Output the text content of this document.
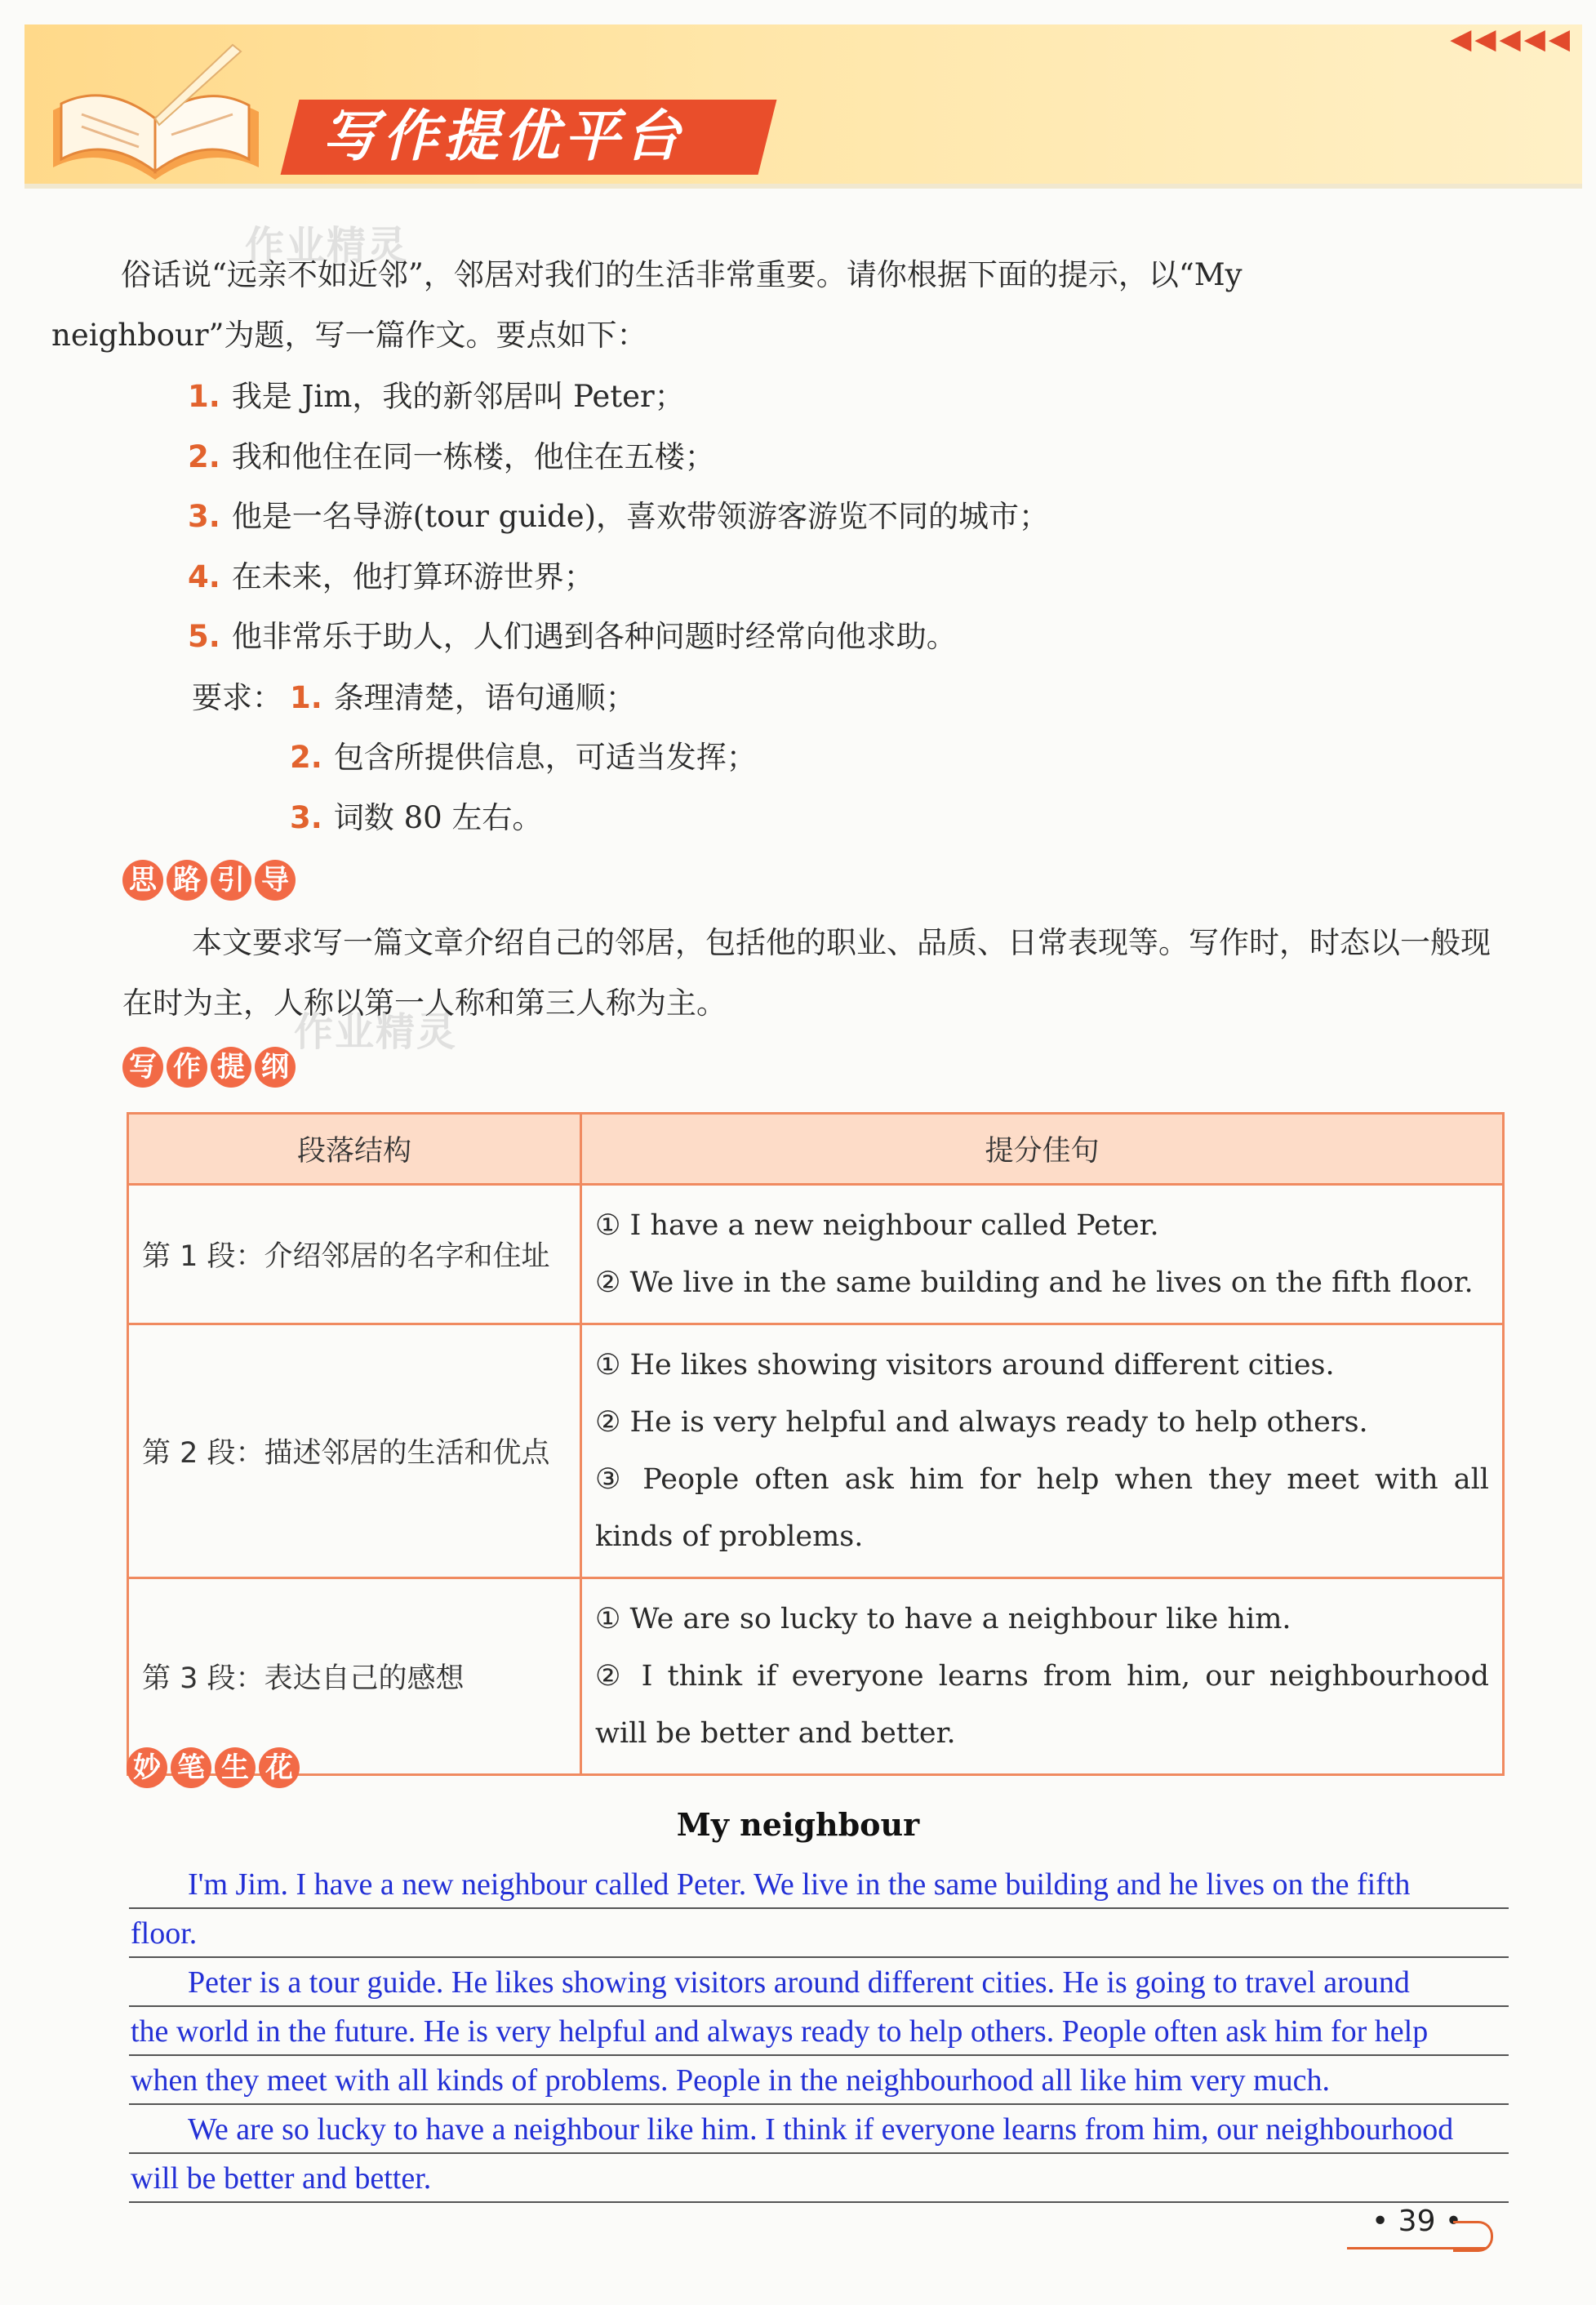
写作提优平台
◀◀◀◀◀
作业精灵
作业精灵
俗话说“远亲不如近邻”，邻居对我们的生活非常重要。请你根据下面的提示，以“My neighbour”为题，写一篇作文。要点如下：
1. 我是 Jim，我的新邻居叫 Peter；
2. 我和他住在同一栋楼，他住在五楼；
3. 他是一名导游(tour guide)，喜欢带领游客游览不同的城市；
4. 在未来，他打算环游世界；
5. 他非常乐于助人，人们遇到各种问题时经常向他求助。
要求： 1. 条理清楚，语句通顺；
2. 包含所提供信息，可适当发挥；
3. 词数 80 左右。
思 路 引 导
本文要求写一篇文章介绍自己的邻居，包括他的职业、品质、日常表现等。写作时，时态以一般现在时为主，人称以第一人称和第三人称为主。
写 作 提 纲
段落结构	提分佳句
第 1 段：介绍邻居的名字和住址	① I have a new neighbour called Peter.
② We live in the same building and he lives on the fifth floor.

第 2 段：描述邻居的生活和优点	① He likes showing visitors around different cities.
② He is very helpful and always ready to help others.
③ People often ask him for help when they meet with all kinds of problems.

第 3 段：表达自己的感想	① We are so lucky to have a neighbour like him.
② I think if everyone learns from him, our neighbourhood will be better and better.
妙 笔 生 花
My neighbour
I'm Jim. I have a new neighbour called Peter. We live in the same building and he lives on the fifth
floor.
Peter is a tour guide. He likes showing visitors around different cities. He is going to travel around
the world in the future. He is very helpful and always ready to help others. People often ask him for help
when they meet with all kinds of problems. People in the neighbourhood all like him very much.
We are so lucky to have a neighbour like him. I think if everyone learns from him, our neighbourhood
will be better and better.
• 39 •
